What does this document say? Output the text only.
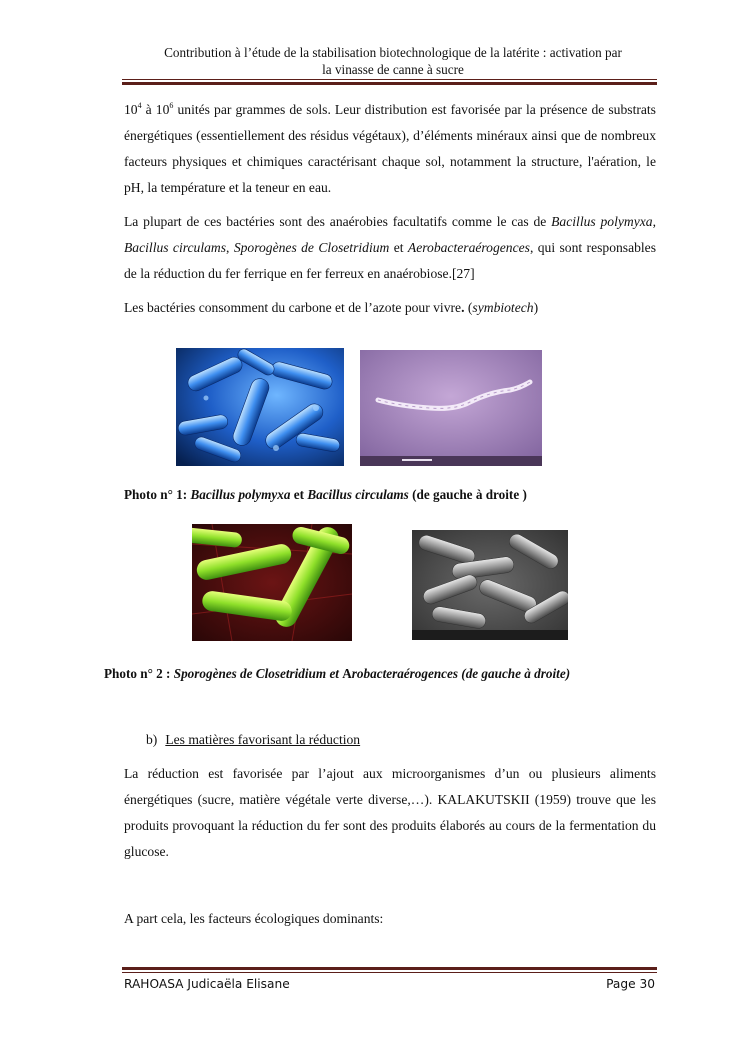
Contribution à l’étude de la stabilisation biotechnologique de la latérite : activation par
la vinasse de canne à sucre
$10^4$ à $10^6$ unités par grammes de sols. Leur distribution est favorisée par la présence de substrats énergétiques (essentiellement des résidus végétaux), d’éléments minéraux ainsi que de nombreux facteurs physiques et chimiques caractérisant chaque sol, notamment la structure, l'aération, le pH, la température et la teneur en eau.
La plupart de ces bactéries sont des anaérobies facultatifs comme le cas de Bacillus polymyxa, Bacillus circulams, Sporogènes de Closetridium et Aerobacteraérogences, qui sont responsables de la réduction du fer ferrique en fer ferreux en anaérobiose.[27]
Les bactéries consomment du carbone et de l’azote pour vivre. (symbiotech)
Photo n° 1: Bacillus polymyxa et Bacillus circulams (de gauche à droite )
Photo n° 2 : Sporogènes de Closetridium et Arobacteraérogences (de gauche à droite)
b) Les matières favorisant la réduction
La réduction est favorisée par l’ajout aux microorganismes d’un ou plusieurs aliments énergétiques (sucre, matière végétale verte diverse,…). KALAKUTSKII (1959) trouve que les produits provoquant la réduction du fer sont des produits élaborés au cours de la fermentation du glucose.
A part cela, les facteurs écologiques dominants:
RAHOASA Judicaëla Elisane	Page 30
